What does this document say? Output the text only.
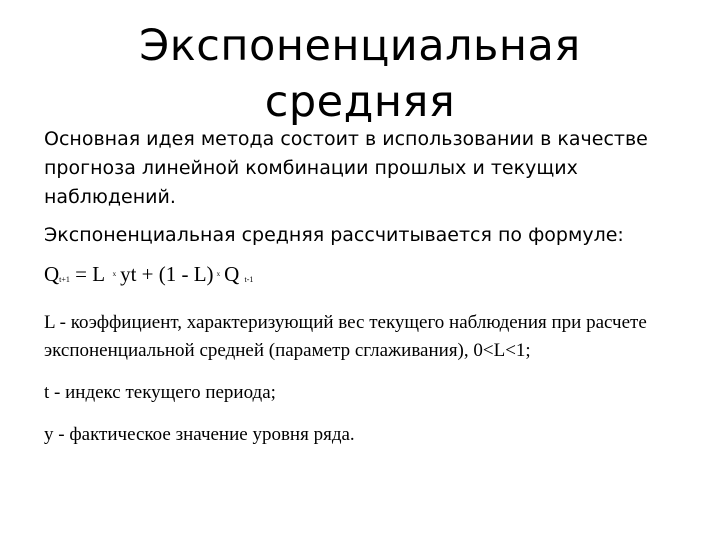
Экспоненциальная
средняя

Основная идея метода состоит в использовании в качестве прогноза линейной комбинации прошлых и текущих наблюдений.

Экспоненциальная средняя рассчитывается по формуле:

Qt+1 = L $^x$ yt + (1 - L) $^x$ Q t-1

L - коэффициент, характеризующий вес текущего наблюдения при расчете экспоненциальной средней (параметр сглаживания), 0<L<1;

t - индекс текущего периода;

y - фактическое значение уровня ряда.
